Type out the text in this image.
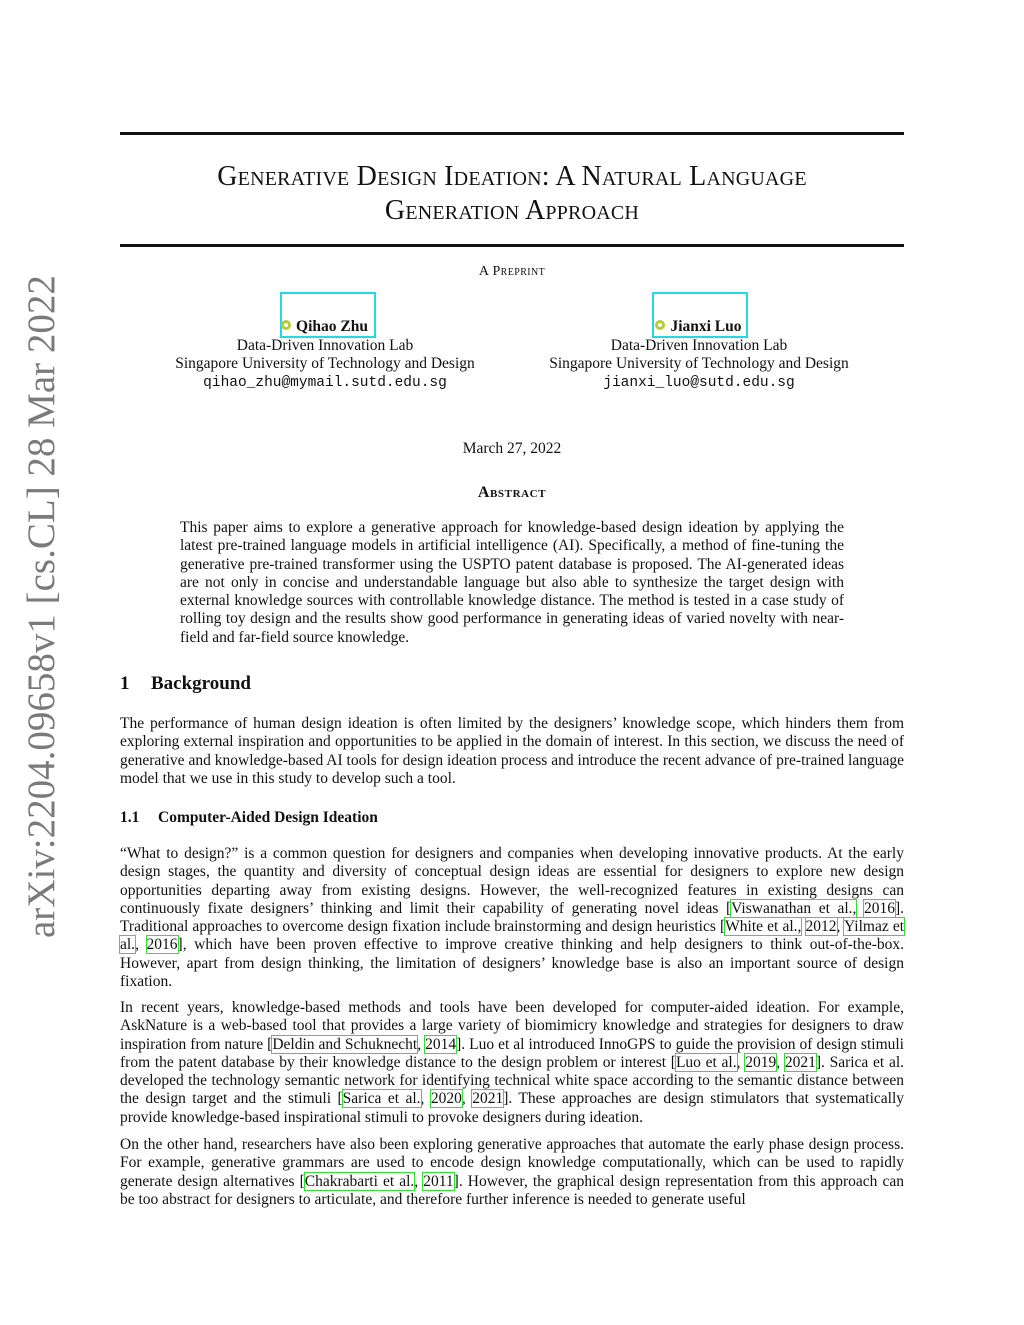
arXiv:2204.09658v1 [cs.CL] 28 Mar 2022
Generative Design Ideation: A Natural Language
Generation Approach
A Preprint
Qihao Zhu
Data-Driven Innovation Lab
Singapore University of Technology and Design
qihao_zhu@mymail.sutd.edu.sg
Jianxi Luo
Data-Driven Innovation Lab
Singapore University of Technology and Design
jianxi_luo@sutd.edu.sg
March 27, 2022
Abstract
This paper aims to explore a generative approach for knowledge-based design ideation by applying the latest pre-trained language models in artificial intelligence (AI). Specifically, a method of fine-tuning the generative pre-trained transformer using the USPTO patent database is proposed. The AI-generated ideas are not only in concise and understandable language but also able to synthesize the target design with external knowledge sources with controllable knowledge distance. The method is tested in a case study of rolling toy design and the results show good performance in generating ideas of varied novelty with near-field and far-field source knowledge.
1 Background
The performance of human design ideation is often limited by the designers’ knowledge scope, which hinders them from exploring external inspiration and opportunities to be applied in the domain of interest. In this section, we discuss the need of generative and knowledge-based AI tools for design ideation process and introduce the recent advance of pre-trained language model that we use in this study to develop such a tool.
1.1 Computer-Aided Design Ideation
“What to design?” is a common question for designers and companies when developing innovative products. At the early design stages, the quantity and diversity of conceptual design ideas are essential for designers to explore new design opportunities departing away from existing designs. However, the well-recognized features in existing designs can continuously fixate designers’ thinking and limit their capability of generating novel ideas [Viswanathan et al., 2016]. Traditional approaches to overcome design fixation include brainstorming and design heuristics [White et al., 2012, Yilmaz et al., 2016], which have been proven effective to improve creative thinking and help designers to think out-of-the-box. However, apart from design thinking, the limitation of designers’ knowledge base is also an important source of design fixation.
In recent years, knowledge-based methods and tools have been developed for computer-aided ideation. For example, AskNature is a web-based tool that provides a large variety of biomimicry knowledge and strategies for designers to draw inspiration from nature [Deldin and Schuknecht, 2014]. Luo et al introduced InnoGPS to guide the provision of design stimuli from the patent database by their knowledge distance to the design problem or interest [Luo et al., 2019, 2021]. Sarica et al. developed the technology semantic network for identifying technical white space according to the semantic distance between the design target and the stimuli [Sarica et al., 2020, 2021]. These approaches are design stimulators that systematically provide knowledge-based inspirational stimuli to provoke designers during ideation.
On the other hand, researchers have also been exploring generative approaches that automate the early phase design process. For example, generative grammars are used to encode design knowledge computationally, which can be used to rapidly generate design alternatives [Chakrabarti et al., 2011]. However, the graphical design representation from this approach can be too abstract for designers to articulate, and therefore further inference is needed to generate useful
